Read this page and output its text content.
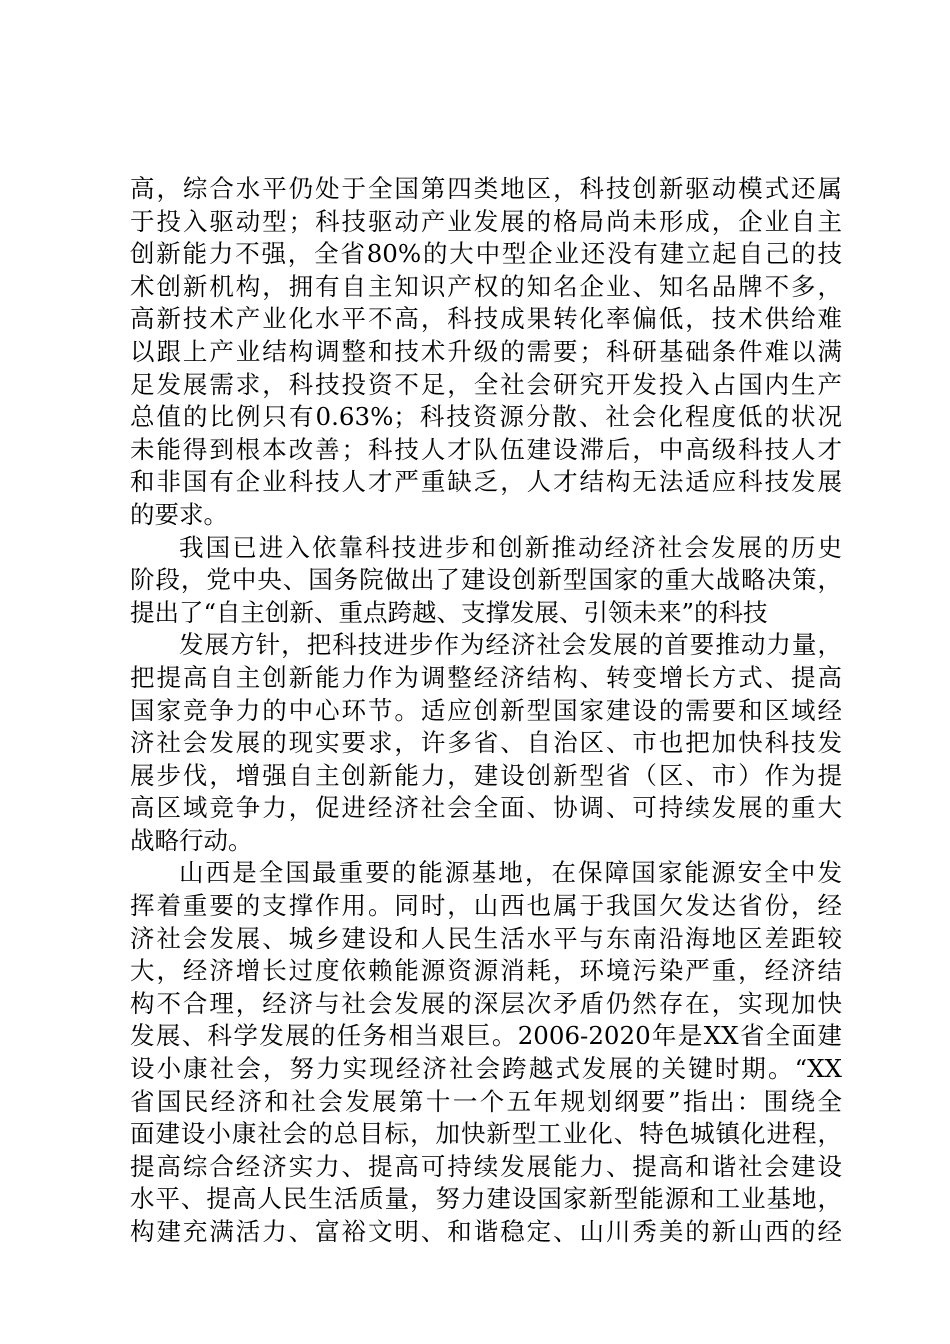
高，综合水平仍处于全国第四类地区，科技创新驱动模式还属
于投入驱动型；科技驱动产业发展的格局尚未形成，企业自主
创新能力不强，全省80%的大中型企业还没有建立起自己的技
术创新机构，拥有自主知识产权的知名企业、知名品牌不多，
高新技术产业化水平不高，科技成果转化率偏低，技术供给难
以跟上产业结构调整和技术升级的需要；科研基础条件难以满
足发展需求，科技投资不足，全社会研究开发投入占国内生产
总值的比例只有0.63%；科技资源分散、社会化程度低的状况
未能得到根本改善；科技人才队伍建设滞后，中高级科技人才
和非国有企业科技人才严重缺乏，人才结构无法适应科技发展
的要求。
我国已进入依靠科技进步和创新推动经济社会发展的历史
阶段，党中央、国务院做出了建设创新型国家的重大战略决策，
提出了“自主创新、重点跨越、支撑发展、引领未来”的科技
发展方针，把科技进步作为经济社会发展的首要推动力量，
把提高自主创新能力作为调整经济结构、转变增长方式、提高
国家竞争力的中心环节。适应创新型国家建设的需要和区域经
济社会发展的现实要求，许多省、自治区、市也把加快科技发
展步伐，增强自主创新能力，建设创新型省（区、市）作为提
高区域竞争力，促进经济社会全面、协调、可持续发展的重大
战略行动。
山西是全国最重要的能源基地，在保障国家能源安全中发
挥着重要的支撑作用。同时，山西也属于我国欠发达省份，经
济社会发展、城乡建设和人民生活水平与东南沿海地区差距较
大，经济增长过度依赖能源资源消耗，环境污染严重，经济结
构不合理，经济与社会发展的深层次矛盾仍然存在，实现加快
发展、科学发展的任务相当艰巨。2006-2020年是XX省全面建
设小康社会，努力实现经济社会跨越式发展的关键时期。“XX
省国民经济和社会发展第十一个五年规划纲要”指出：围绕全
面建设小康社会的总目标，加快新型工业化、特色城镇化进程，
提高综合经济实力、提高可持续发展能力、提高和谐社会建设
水平、提高人民生活质量，努力建设国家新型能源和工业基地，
构建充满活力、富裕文明、和谐稳定、山川秀美的新山西的经
